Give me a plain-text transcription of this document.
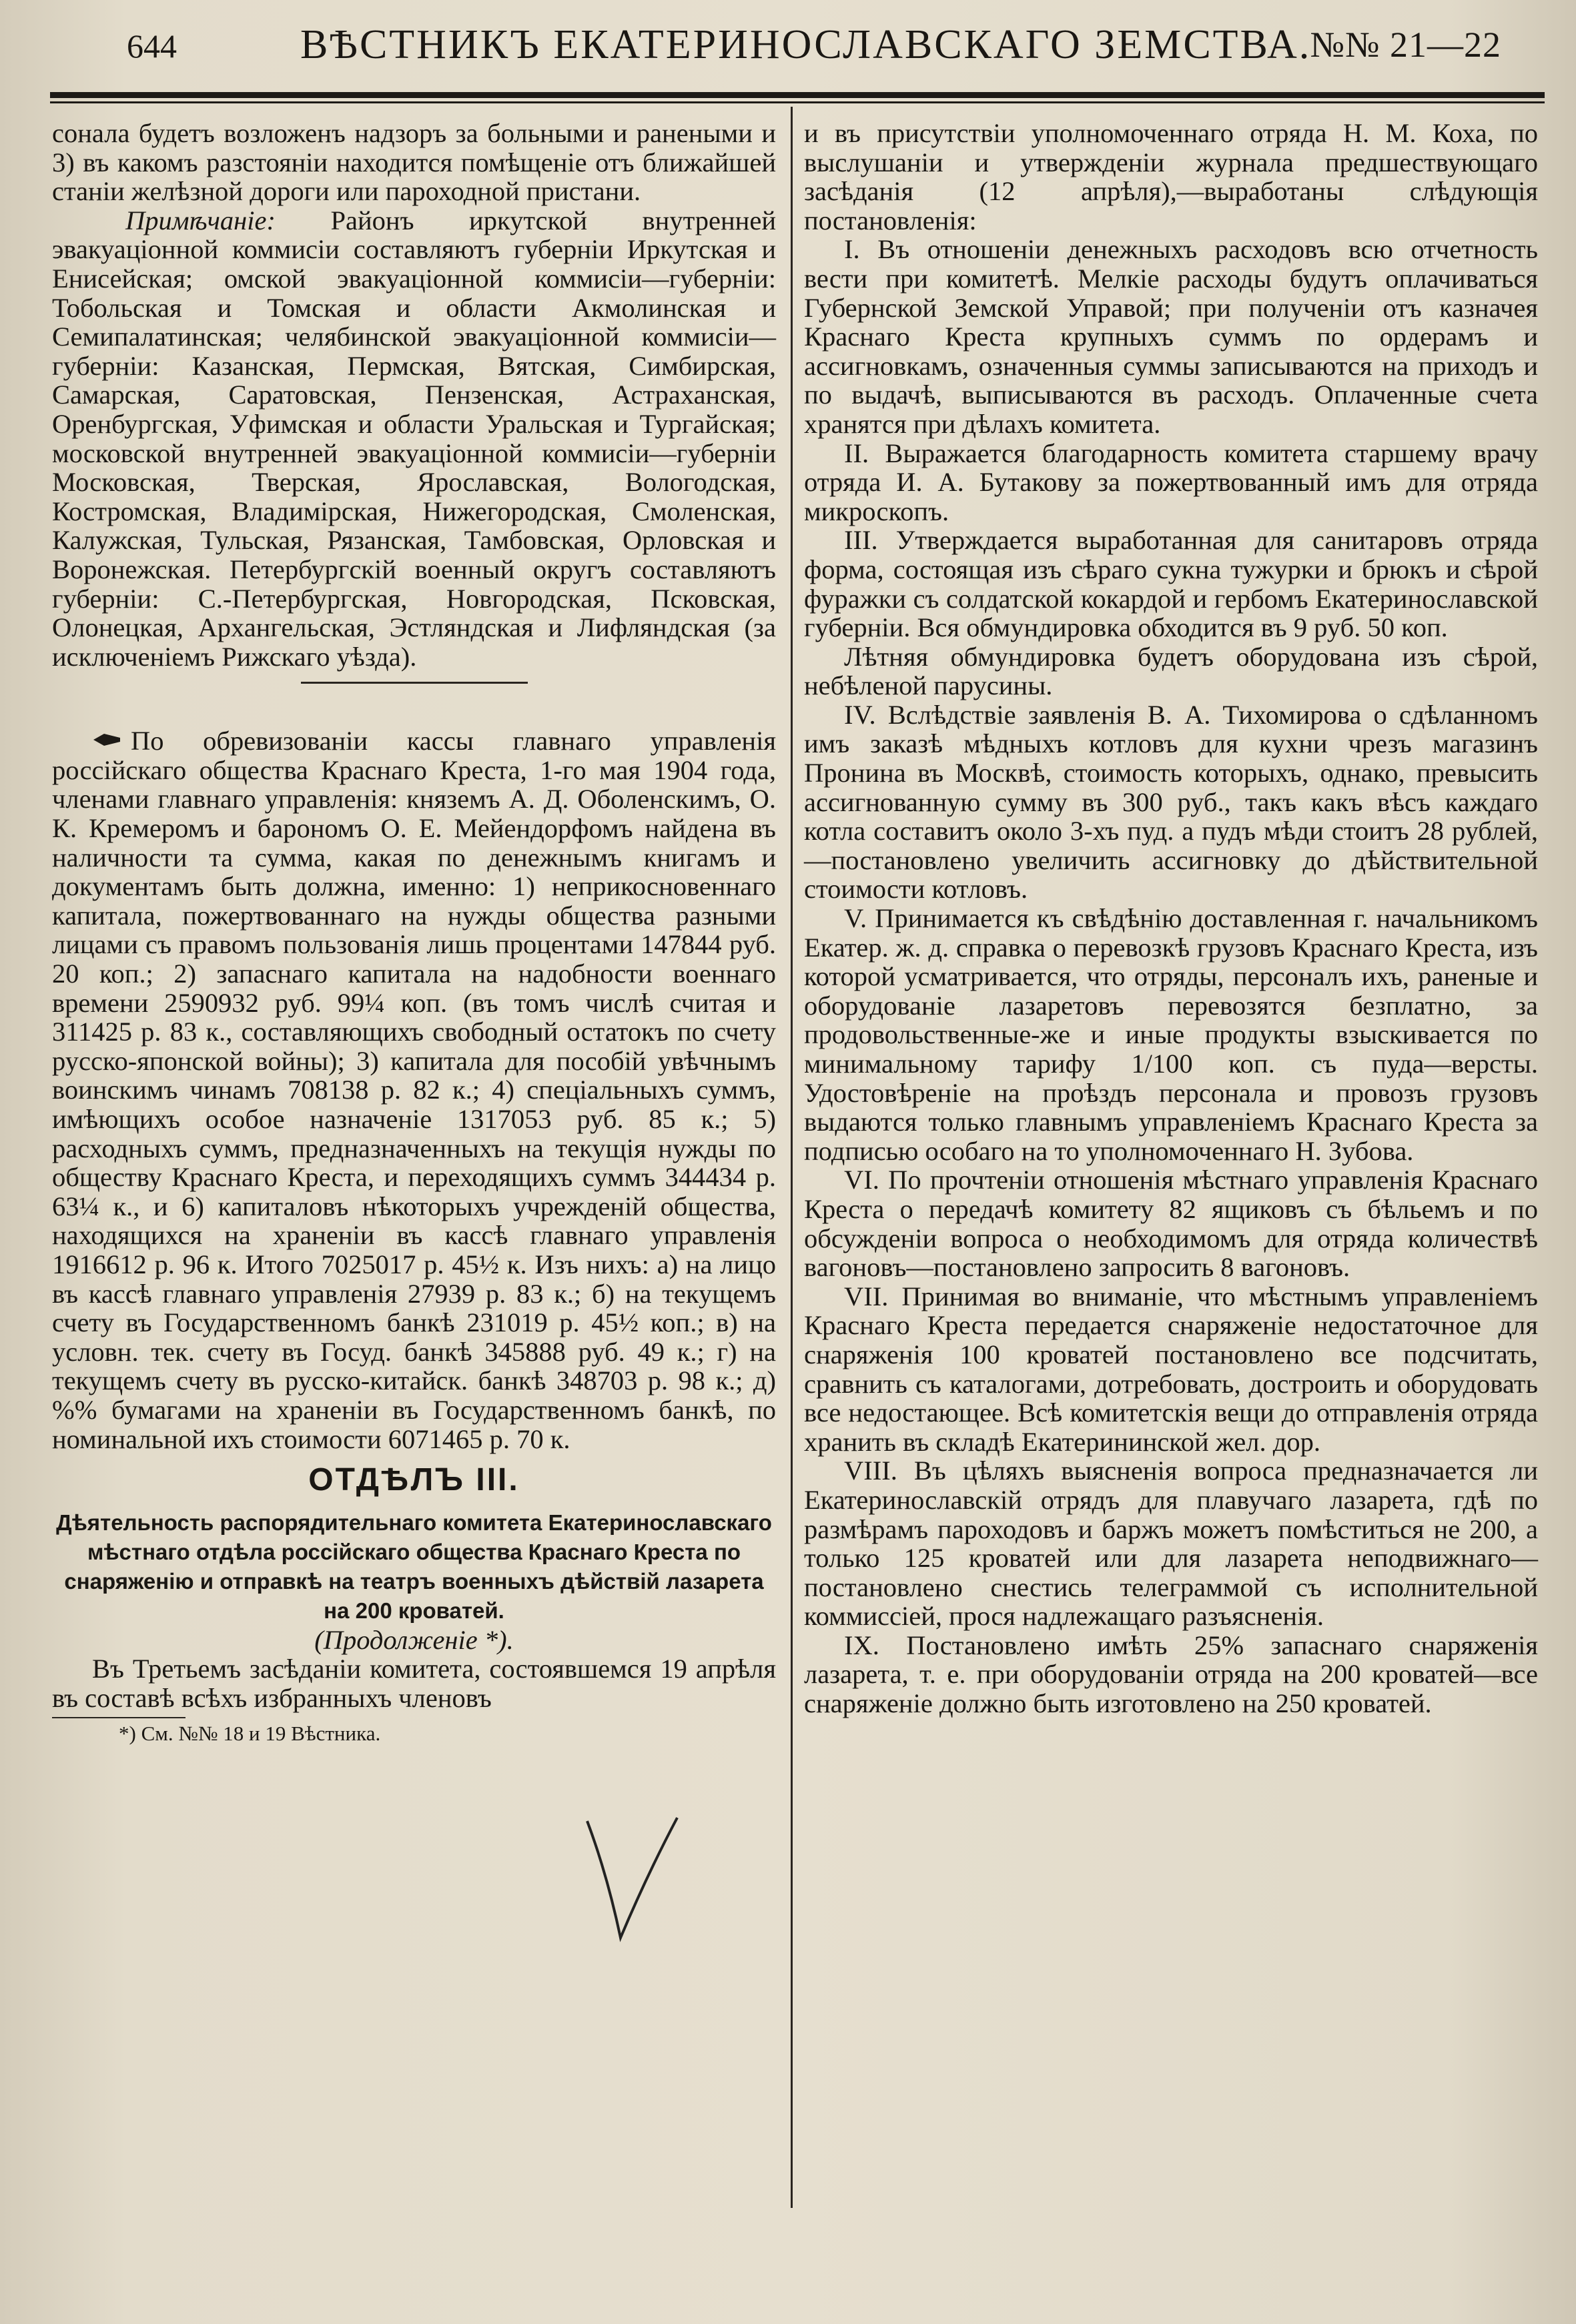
644	ВѢСТНИКЪ ЕКАТЕРИНОСЛАВСКАГО ЗЕМСТВА.
№№ 21—22

сонала будетъ возложенъ надзоръ за больными и ранеными и 3) въ какомъ разстояніи находится помѣщеніе отъ ближайшей станіи желѣзной дороги или пароходной пристани.

Примѣчаніе: Районъ иркутской внутренней эвакуаціонной коммисіи составляютъ губерніи Иркутская и Енисейская; омской эвакуаціонной коммисіи—губерніи: Тобольская и Томская и области Акмолинская и Семипалатинская; челябинской эвакуаціонной коммисіи—губерніи: Казанская, Пермская, Вятская, Симбирская, Самарская, Саратовская, Пензенская, Астраханская, Оренбургская, Уфимская и области Уральская и Тургайская; московской внутренней эвакуаціонной коммисіи—губерніи Московская, Тверская, Ярославская, Вологодская, Костромская, Владимірская, Нижегородская, Смоленская, Калужская, Тульская, Рязанская, Тамбовская, Орловская и Воронежская. Петербургскій военный округъ составляютъ губерніи: С.-Петербургская, Новгородская, Псковская, Олонецкая, Архангельская, Эстляндская и Лифляндская (за исключеніемъ Рижскаго уѣзда).

По обревизованіи кассы главнаго управленія россійскаго общества Краснаго Креста, 1-го мая 1904 года, членами главнаго управленія: княземъ А. Д. Оболенскимъ, О. К. Кремеромъ и барономъ О. Е. Мейендорфомъ найдена въ наличности та сумма, какая по денежнымъ книгамъ и документамъ быть должна, именно: 1) неприкосновеннаго капитала, пожертвованнаго на нужды общества разными лицами съ правомъ пользованія лишь процентами 147844 руб. 20 коп.; 2) запаснаго капитала на надобности военнаго времени 2590932 руб. 99¼ коп. (въ томъ числѣ считая и 311425 р. 83 к., составляющихъ свободный остатокъ по счету русско-японской войны); 3) капитала для пособій увѣчнымъ воинскимъ чинамъ 708138 р. 82 к.; 4) спеціальныхъ суммъ, имѣющихъ особое назначеніе 1317053 руб. 85 к.; 5) расходныхъ суммъ, предназначенныхъ на текущія нужды по обществу Краснаго Креста, и переходящихъ суммъ 344434 р. 63¼ к., и 6) капиталовъ нѣкоторыхъ учрежденій общества, находящихся на храненіи въ кассѣ главнаго управленія 1916612 р. 96 к. Итого 7025017 р. 45½ к. Изъ нихъ: а) на лицо въ кассѣ главнаго управленія 27939 р. 83 к.; б) на текущемъ счету въ Государственномъ банкѣ 231019 р. 45½ коп.; в) на условн. тек. счету въ Госуд. банкѣ 345888 руб. 49 к.; г) на текущемъ счету въ русско-китайск. банкѣ 348703 р. 98 к.; д) %% бумагами на храненіи въ Государственномъ банкѣ, по номинальной ихъ стоимости 6071465 р. 70 к.

ОТДѢЛЪ III.

Дѣятельность распорядительнаго комитета Екатеринославскаго мѣстнаго отдѣла россійскаго общества Краснаго Креста по снаряженію и отправкѣ на театръ военныхъ дѣйствій лазарета на 200 кроватей.

(Продолженіе *).

Въ Третьемъ засѣданіи комитета, состоявшемся 19 апрѣля въ составѣ всѣхъ избранныхъ членовъ

*) См. №№ 18 и 19 Вѣстника.

и въ присутствіи уполномоченнаго отряда Н. М. Коха, по выслушаніи и утвержденіи журнала предшествующаго засѣданія (12 апрѣля),—выработаны слѣдующія постановленія:

I. Въ отношеніи денежныхъ расходовъ всю отчетность вести при комитетѣ. Мелкіе расходы будутъ оплачиваться Губернской Земской Управой; при полученіи отъ казначея Краснаго Креста крупныхъ суммъ по ордерамъ и ассигновкамъ, означенныя суммы записываются на приходъ и по выдачѣ, выписываются въ расходъ. Оплаченные счета хранятся при дѣлахъ комитета.

II. Выражается благодарность комитета старшему врачу отряда И. А. Бутакову за пожертвованный имъ для отряда микроскопъ.

III. Утверждается выработанная для санитаровъ отряда форма, состоящая изъ сѣраго сукна тужурки и брюкъ и сѣрой фуражки съ солдатской кокардой и гербомъ Екатеринославской губерніи. Вся обмундировка обходится въ 9 руб. 50 коп.

Лѣтняя обмундировка будетъ оборудована изъ сѣрой, небѣленой парусины.

IV. Вслѣдствіе заявленія В. А. Тихомирова о сдѣланномъ имъ заказѣ мѣдныхъ котловъ для кухни чрезъ магазинъ Пронина въ Москвѣ, стоимость которыхъ, однако, превысить ассигнованную сумму въ 300 руб., такъ какъ вѣсъ каждаго котла составитъ около 3-хъ пуд. а пудъ мѣди стоитъ 28 рублей,—постановлено увеличить ассигновку до дѣйствительной стоимости котловъ.

V. Принимается къ свѣдѣнію доставленная г. начальникомъ Екатер. ж. д. справка о перевозкѣ грузовъ Краснаго Креста, изъ которой усматривается, что отряды, персоналъ ихъ, раненые и оборудованіе лазаретовъ перевозятся безплатно, за продовольственные-же и иные продукты взыскивается по минимальному тарифу 1/100 коп. съ пуда—версты. Удостовѣреніе на проѣздъ персонала и провозъ грузовъ выдаются только главнымъ управленіемъ Краснаго Креста за подписью особаго на то уполномоченнаго Н. Зубова.

VI. По прочтеніи отношенія мѣстнаго управленія Краснаго Креста о передачѣ комитету 82 ящиковъ съ бѣльемъ и по обсужденіи вопроса о необходимомъ для отряда количествѣ вагоновъ—постановлено запросить 8 вагоновъ.

VII. Принимая во вниманіе, что мѣстнымъ управленіемъ Краснаго Креста передается снаряженіе недостаточное для снаряженія 100 кроватей постановлено все подсчитать, сравнить съ каталогами, дотребовать, достроить и оборудовать все недостающее. Всѣ комитетскія вещи до отправленія отряда хранить въ складѣ Екатерининской жел. дор.

VIII. Въ цѣляхъ выясненія вопроса предназначается ли Екатеринославскій отрядъ для плавучаго лазарета, гдѣ по размѣрамъ пароходовъ и баржъ можетъ помѣститься не 200, а только 125 кроватей или для лазарета неподвижнаго—постановлено снестись телеграммой съ исполнительной коммиссіей, прося надлежащаго разъясненія.

IX. Постановлено имѣть 25% запаснаго снаряженія лазарета, т. е. при оборудованіи отряда на 200 кроватей—все снаряженіе должно быть изготовлено на 250 кроватей.
